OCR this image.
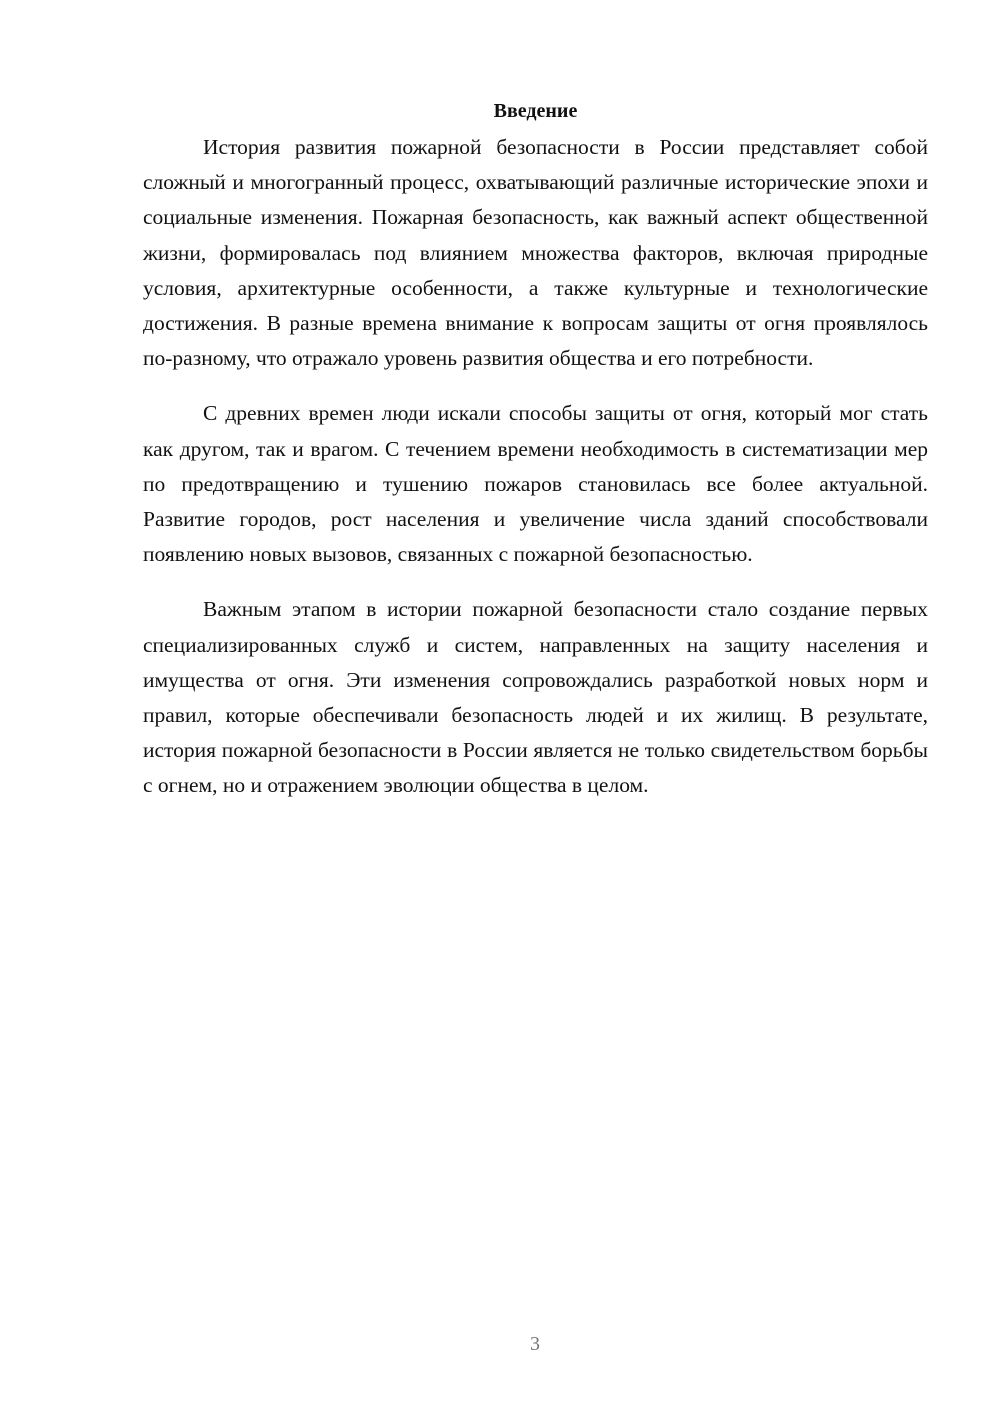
Введение

История развития пожарной безопасности в России представляет собой сложный и многогранный процесс, охватывающий различные исторические эпохи и социальные изменения. Пожарная безопасность, как важный аспект общественной жизни, формировалась под влиянием множества факторов, включая природные условия, архитектурные особенности, а также культурные и технологические достижения. В разные времена внимание к вопросам защиты от огня проявлялось по-разному, что отражало уровень развития общества и его потребности.

С древних времен люди искали способы защиты от огня, который мог стать как другом, так и врагом. С течением времени необходимость в систематизации мер по предотвращению и тушению пожаров становилась все более актуальной. Развитие городов, рост населения и увеличение числа зданий способствовали появлению новых вызовов, связанных с пожарной безопасностью.

Важным этапом в истории пожарной безопасности стало создание первых специализированных служб и систем, направленных на защиту населения и имущества от огня. Эти изменения сопровождались разработкой новых норм и правил, которые обеспечивали безопасность людей и их жилищ. В результате, история пожарной безопасности в России является не только свидетельством борьбы с огнем, но и отражением эволюции общества в целом.

3
